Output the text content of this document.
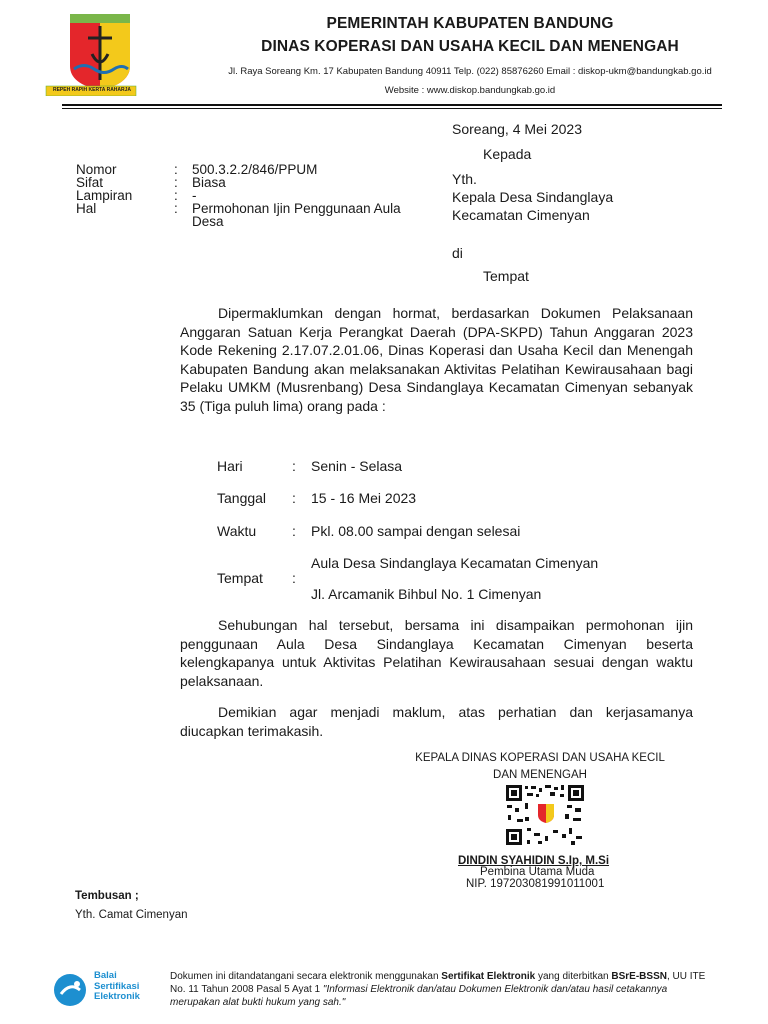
REPEH RAPIH KERTA RAHARJA
PEMERINTAH KABUPATEN BANDUNG
DINAS KOPERASI DAN USAHA KECIL DAN MENENGAH
Jl. Raya Soreang Km. 17 Kabupaten Bandung 40911 Telp. (022) 85876260 Email : diskop-ukm@bandungkab.go.id
Website : www.diskop.bandungkab.go.id
Soreang, 4 Mei 2023
Kepada
Yth.
Kepala Desa Sindanglaya
Kecamatan Cimenyan
di
Tempat
Nomor	: 500.3.2.2/846/PPUM
Sifat	: Biasa
Lampiran	: -
Hal	: Permohonan Ijin Penggunaan Aula Desa
Dipermaklumkan dengan hormat, berdasarkan Dokumen Pelaksanaan Anggaran Satuan Kerja Perangkat Daerah (DPA-SKPD) Tahun Anggaran 2023 Kode Rekening 2.17.07.2.01.06, Dinas Koperasi dan Usaha Kecil dan Menengah Kabupaten Bandung akan melaksanakan Aktivitas Pelatihan Kewirausahaan bagi Pelaku UMKM (Musrenbang) Desa Sindanglaya Kecamatan Cimenyan sebanyak 35 (Tiga puluh lima) orang pada :
Hari	: Senin - Selasa
Tanggal : 15 - 16 Mei 2023
Waktu	: Pkl. 08.00 sampai dengan selesai
Aula Desa Sindanglaya Kecamatan Cimenyan
Tempat :
Jl. Arcamanik Bihbul No. 1 Cimenyan
Sehubungan hal tersebut, bersama ini disampaikan permohonan ijin penggunaan Aula Desa Sindanglaya Kecamatan Cimenyan beserta kelengkapanya untuk Aktivitas Pelatihan Kewirausahaan sesuai dengan waktu pelaksanaan.
Demikian agar menjadi maklum, atas perhatian dan kerjasamanya diucapkan terimakasih.
KEPALA DINAS KOPERASI DAN USAHA KECIL
DAN MENENGAH
DINDIN SYAHIDIN S.Ip, M.Si
Pembina Utama Muda
NIP. 197203081991011001
Tembusan ;
Yth. Camat Cimenyan
Balai
Sertifikasi
Elektronik
Dokumen ini ditandatangani secara elektronik menggunakan Sertifikat Elektronik yang diterbitkan BSrE-BSSN, UU ITE No. 11 Tahun 2008 Pasal 5 Ayat 1 "Informasi Elektronik dan/atau Dokumen Elektronik dan/atau hasil cetakannya merupakan alat bukti hukum yang sah."
